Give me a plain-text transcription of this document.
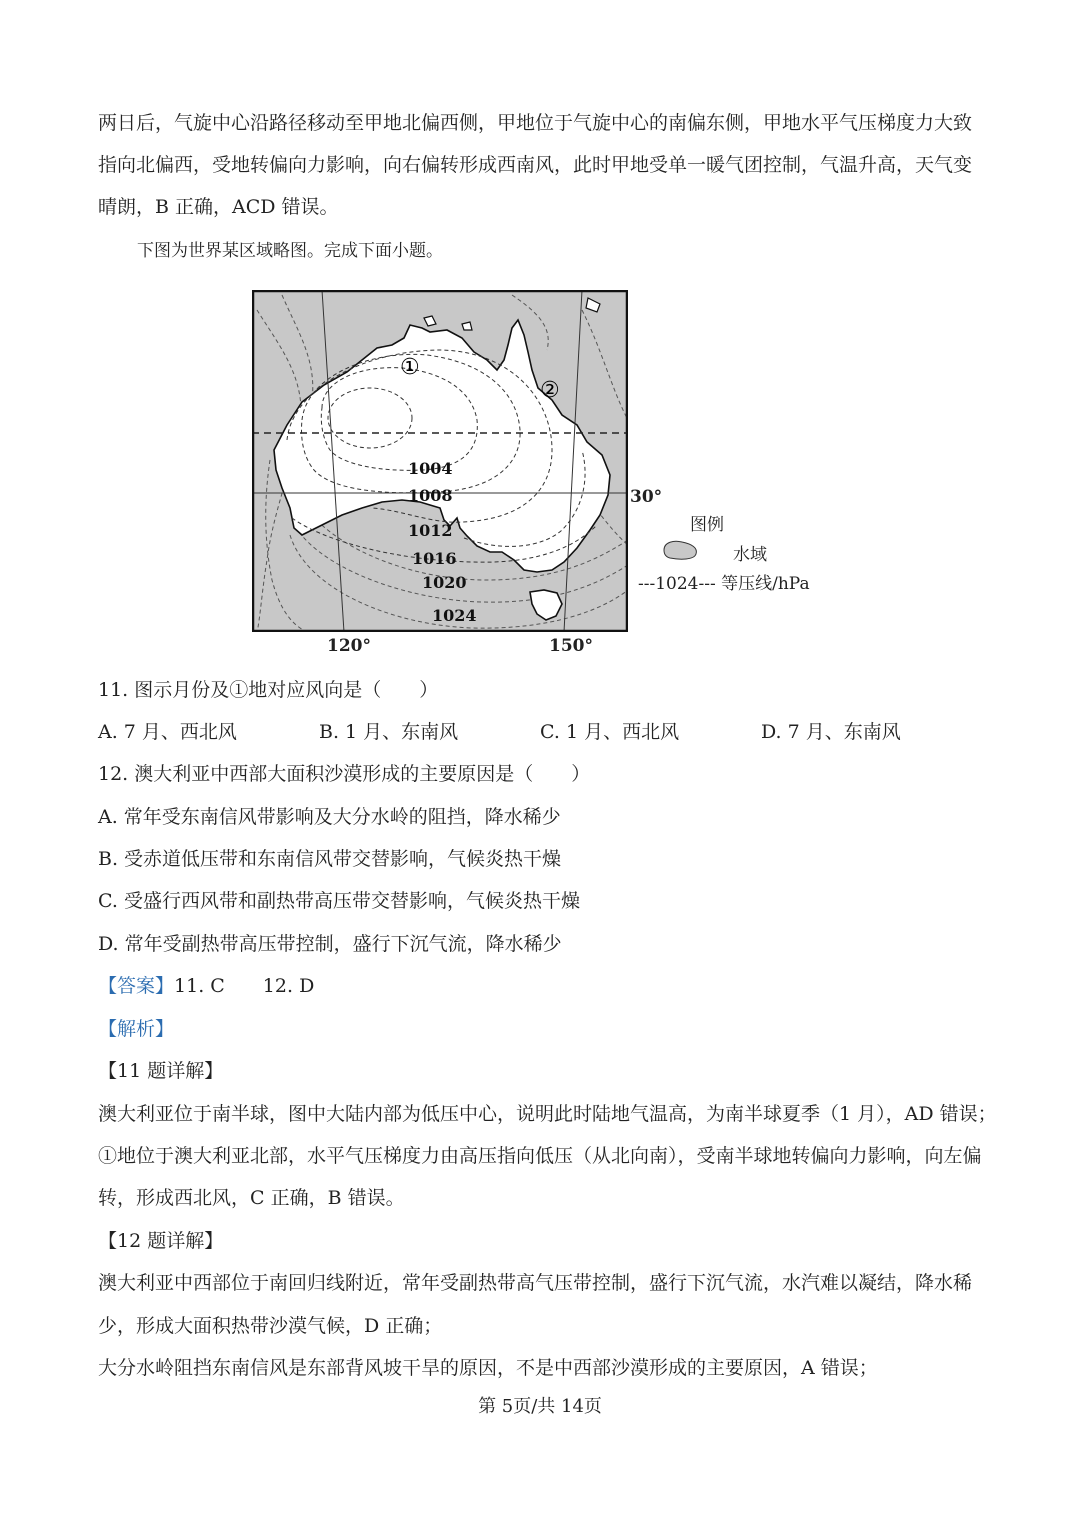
两日后，气旋中心沿路径移动至甲地北偏西侧，甲地位于气旋中心的南偏东侧，甲地水平气压梯度力大致
指向北偏西，受地转偏向力影响，向右偏转形成西南风，此时甲地受单一暖气团控制，气温升高，天气变
晴朗，B 正确，ACD 错误。
下图为世界某区域略图。完成下面小题。
1004
1008
1012
1016
1020
1024
①
②
30°
120°	150°
图例
水域
---1024--- 等压线/hPa
11. 图示月份及①地对应风向是（　　）
A. 7 月、西北风	B. 1 月、东南风	C. 1 月、西北风	D. 7 月、东南风
12. 澳大利亚中西部大面积沙漠形成的主要原因是（　　）
A. 常年受东南信风带影响及大分水岭的阻挡，降水稀少
B. 受赤道低压带和东南信风带交替影响，气候炎热干燥
C. 受盛行西风带和副热带高压带交替影响，气候炎热干燥
D. 常年受副热带高压带控制，盛行下沉气流，降水稀少
【答案】11. C　　12. D
【解析】
【11 题详解】
澳大利亚位于南半球，图中大陆内部为低压中心，说明此时陆地气温高，为南半球夏季（1 月），AD 错误；
①地位于澳大利亚北部，水平气压梯度力由高压指向低压（从北向南），受南半球地转偏向力影响，向左偏
转，形成西北风，C 正确，B 错误。
【12 题详解】
澳大利亚中西部位于南回归线附近，常年受副热带高气压带控制，盛行下沉气流，水汽难以凝结，降水稀
少，形成大面积热带沙漠气候，D 正确；
大分水岭阻挡东南信风是东部背风坡干旱的原因，不是中西部沙漠形成的主要原因，A 错误；
第 5页/共 14页
